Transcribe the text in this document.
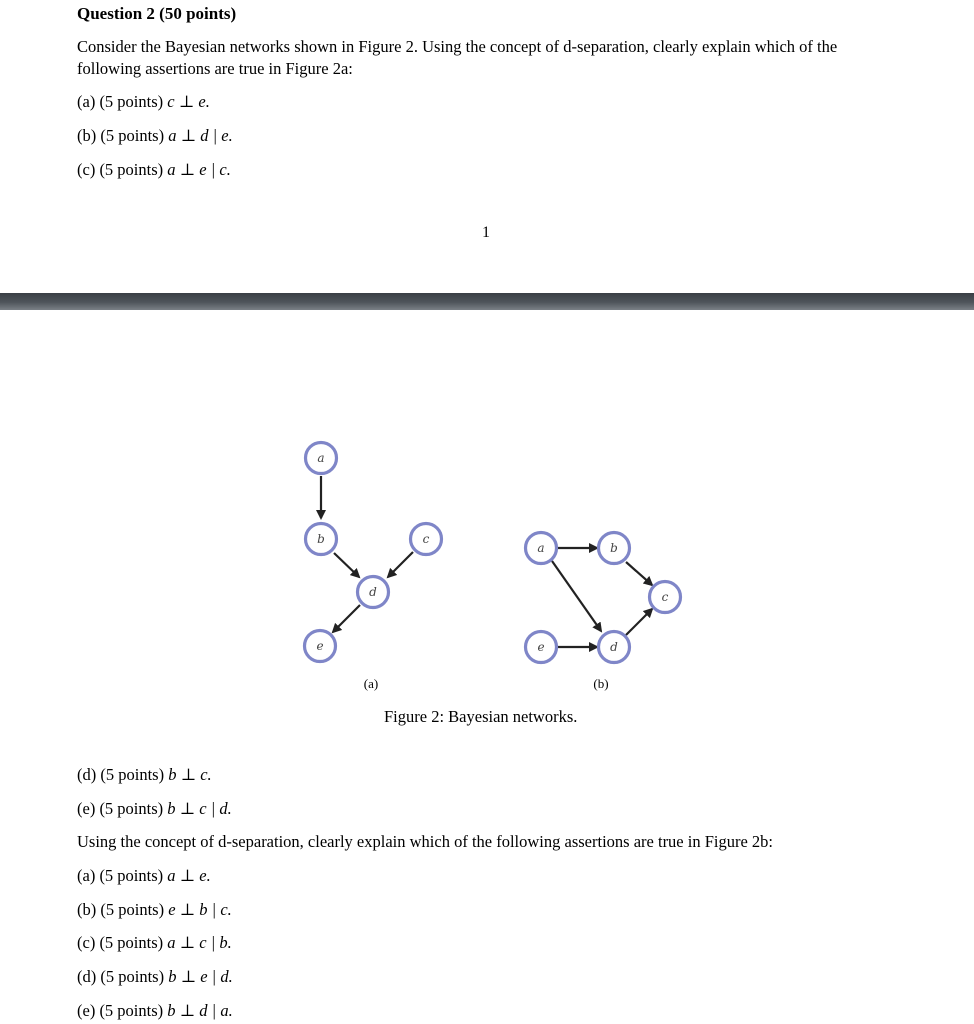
Question 2 (50 points)
Consider the Bayesian networks shown in Figure 2. Using the concept of d-separation, clearly explain which of the
following assertions are true in Figure 2a:
(a) (5 points) c ⊥ e.
(b) (5 points) a ⊥ d | e.
(c) (5 points) a ⊥ e | c.
1
a
b	c
d
e
(a)
a	b
c
d
e
(b)
Figure 2: Bayesian networks.
(d) (5 points) b ⊥ c.
(e) (5 points) b ⊥ c | d.
Using the concept of d-separation, clearly explain which of the following assertions are true in Figure 2b:
(a) (5 points) a ⊥ e.
(b) (5 points) e ⊥ b | c.
(c) (5 points) a ⊥ c | b.
(d) (5 points) b ⊥ e | d.
(e) (5 points) b ⊥ d | a.
